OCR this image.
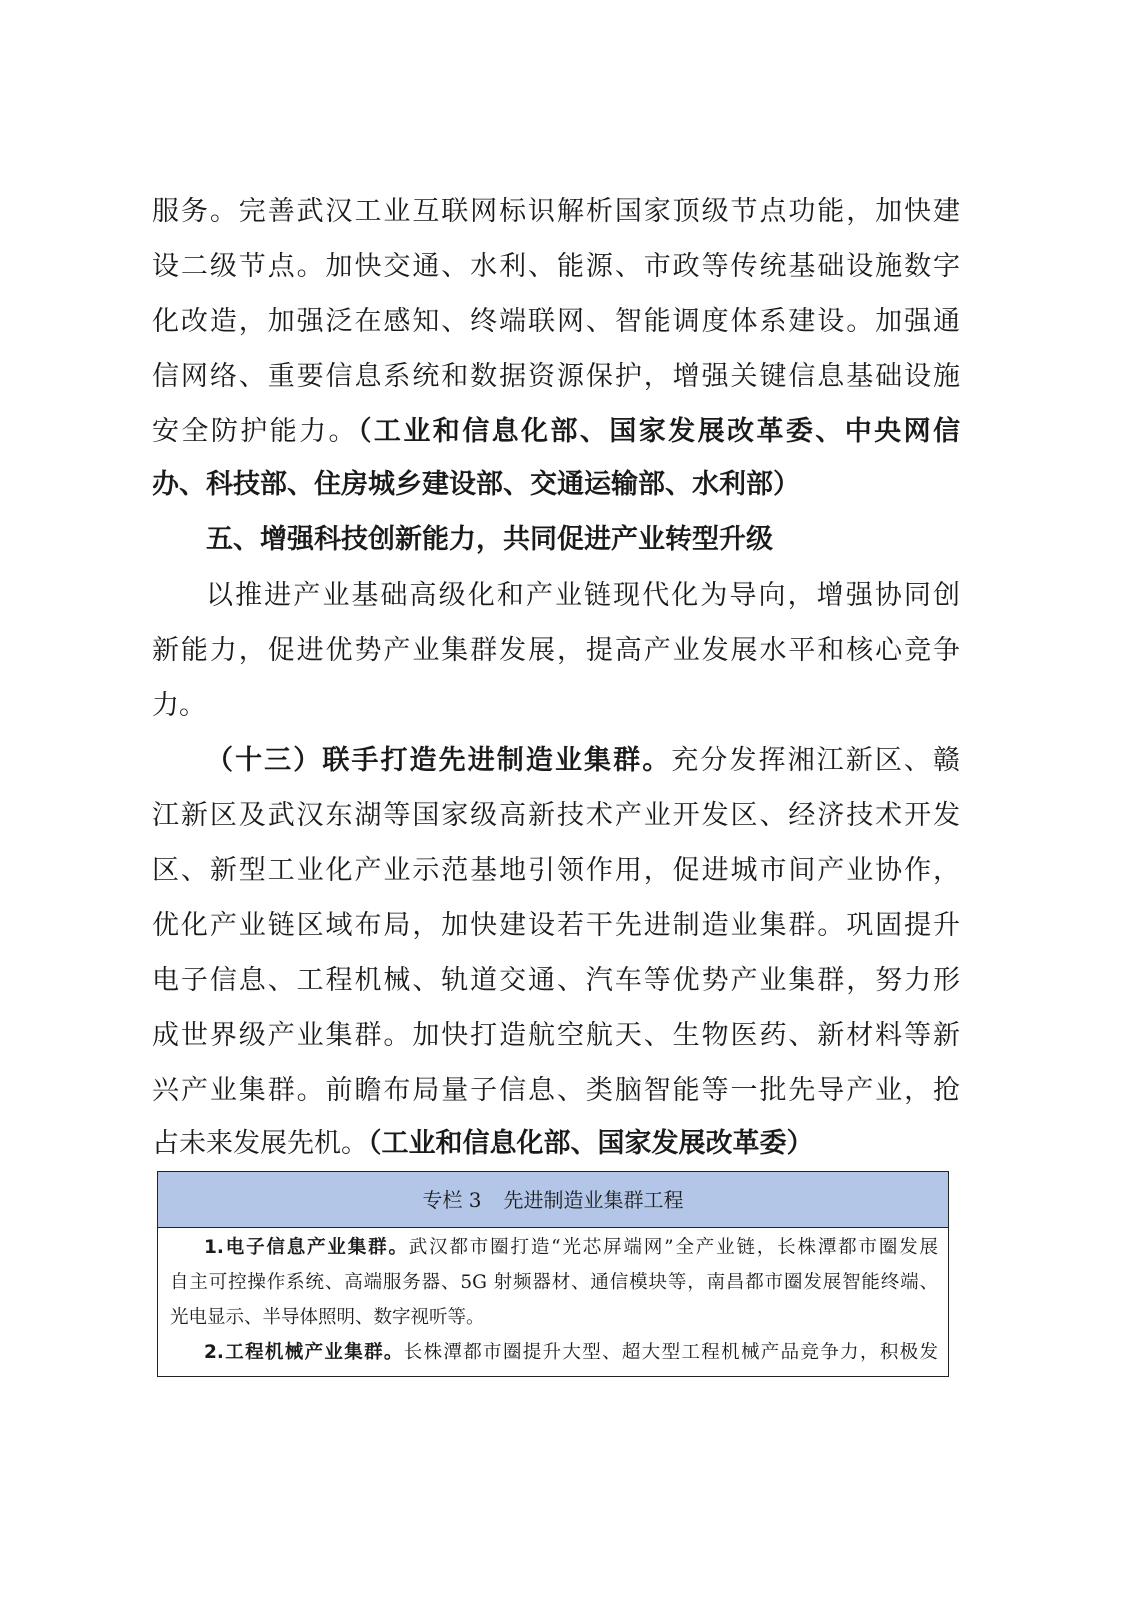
服务。完善武汉工业互联网标识解析国家顶级节点功能，加快建
设二级节点。加快交通、水利、能源、市政等传统基础设施数字
化改造，加强泛在感知、终端联网、智能调度体系建设。加强通
信网络、重要信息系统和数据资源保护，增强关键信息基础设施
安全防护能力。（工业和信息化部、国家发展改革委、中央网信
办、科技部、住房城乡建设部、交通运输部、水利部）
五、增强科技创新能力，共同促进产业转型升级
以推进产业基础高级化和产业链现代化为导向，增强协同创
新能力，促进优势产业集群发展，提高产业发展水平和核心竞争
力。
（十三）联手打造先进制造业集群。充分发挥湘江新区、赣
江新区及武汉东湖等国家级高新技术产业开发区、经济技术开发
区、新型工业化产业示范基地引领作用，促进城市间产业协作，
优化产业链区域布局，加快建设若干先进制造业集群。巩固提升
电子信息、工程机械、轨道交通、汽车等优势产业集群，努力形
成世界级产业集群。加快打造航空航天、生物医药、新材料等新
兴产业集群。前瞻布局量子信息、类脑智能等一批先导产业，抢
占未来发展先机。（工业和信息化部、国家发展改革委）
专栏 3 先进制造业集群工程
1.电子信息产业集群。武汉都市圈打造“光芯屏端网”全产业链，长株潭都市圈发展
自主可控操作系统、高端服务器、5G 射频器材、通信模块等，南昌都市圈发展智能终端、
光电显示、半导体照明、数字视听等。
2.工程机械产业集群。长株潭都市圈提升大型、超大型工程机械产品竞争力，积极发
